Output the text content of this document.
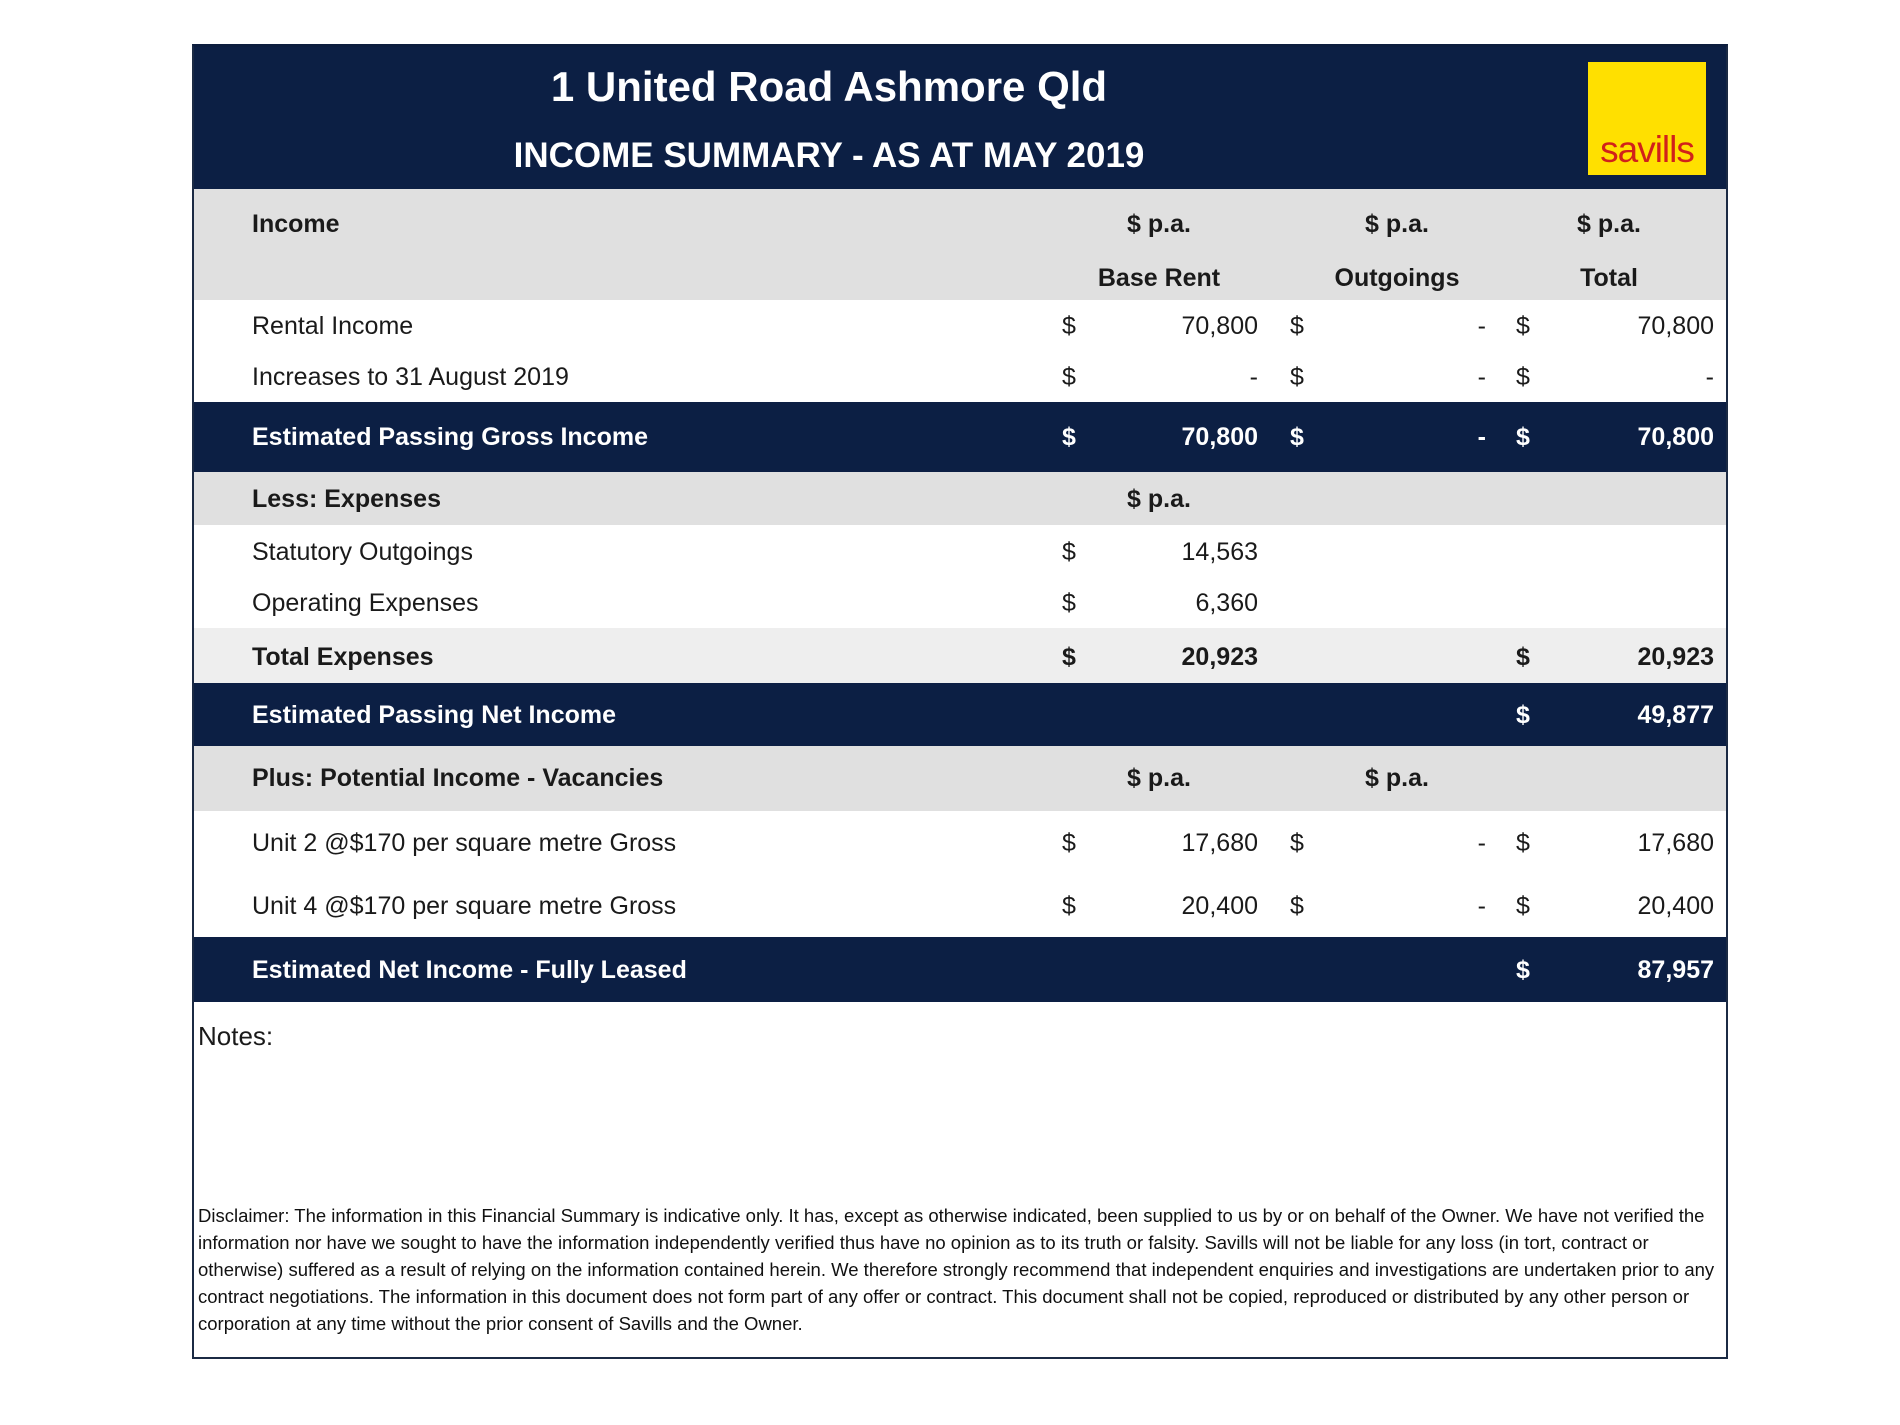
1 United Road Ashmore Qld
INCOME SUMMARY - AS AT MAY 2019	savills
Income	$ p.a.	$ p.a.	$ p.a.
Base Rent	Outgoings	Total
Rental Income	$	70,800 $	- $	70,800
Increases to 31 August 2019	$	- $	- $	-
Estimated Passing Gross Income	$	70,800 $	- $	70,800
Less: Expenses	$ p.a.
Statutory Outgoings	$	14,563
Operating Expenses	$	6,360
Total Expenses	$	20,923	$	20,923
Estimated Passing Net Income	$	49,877
Plus: Potential Income - Vacancies	$ p.a.	$ p.a.
Unit 2 @$170 per square metre Gross	$	17,680 $	- $	17,680
Unit 4 @$170 per square metre Gross	$	20,400 $	- $	20,400
Estimated Net Income - Fully Leased	$	87,957
Notes:
Disclaimer: The information in this Financial Summary is indicative only. It has, except as otherwise indicated, been supplied to us by or on behalf of the Owner. We have not verified the information nor have we sought to have the information independently verified thus have no opinion as to its truth or falsity. Savills will not be liable for any loss (in tort, contract or otherwise) suffered as a result of relying on the information contained herein. We therefore strongly recommend that independent enquiries and investigations are undertaken prior to any contract negotiations. The information in this document does not form part of any offer or contract. This document shall not be copied, reproduced or distributed by any other person or corporation at any time without the prior consent of Savills and the Owner.
